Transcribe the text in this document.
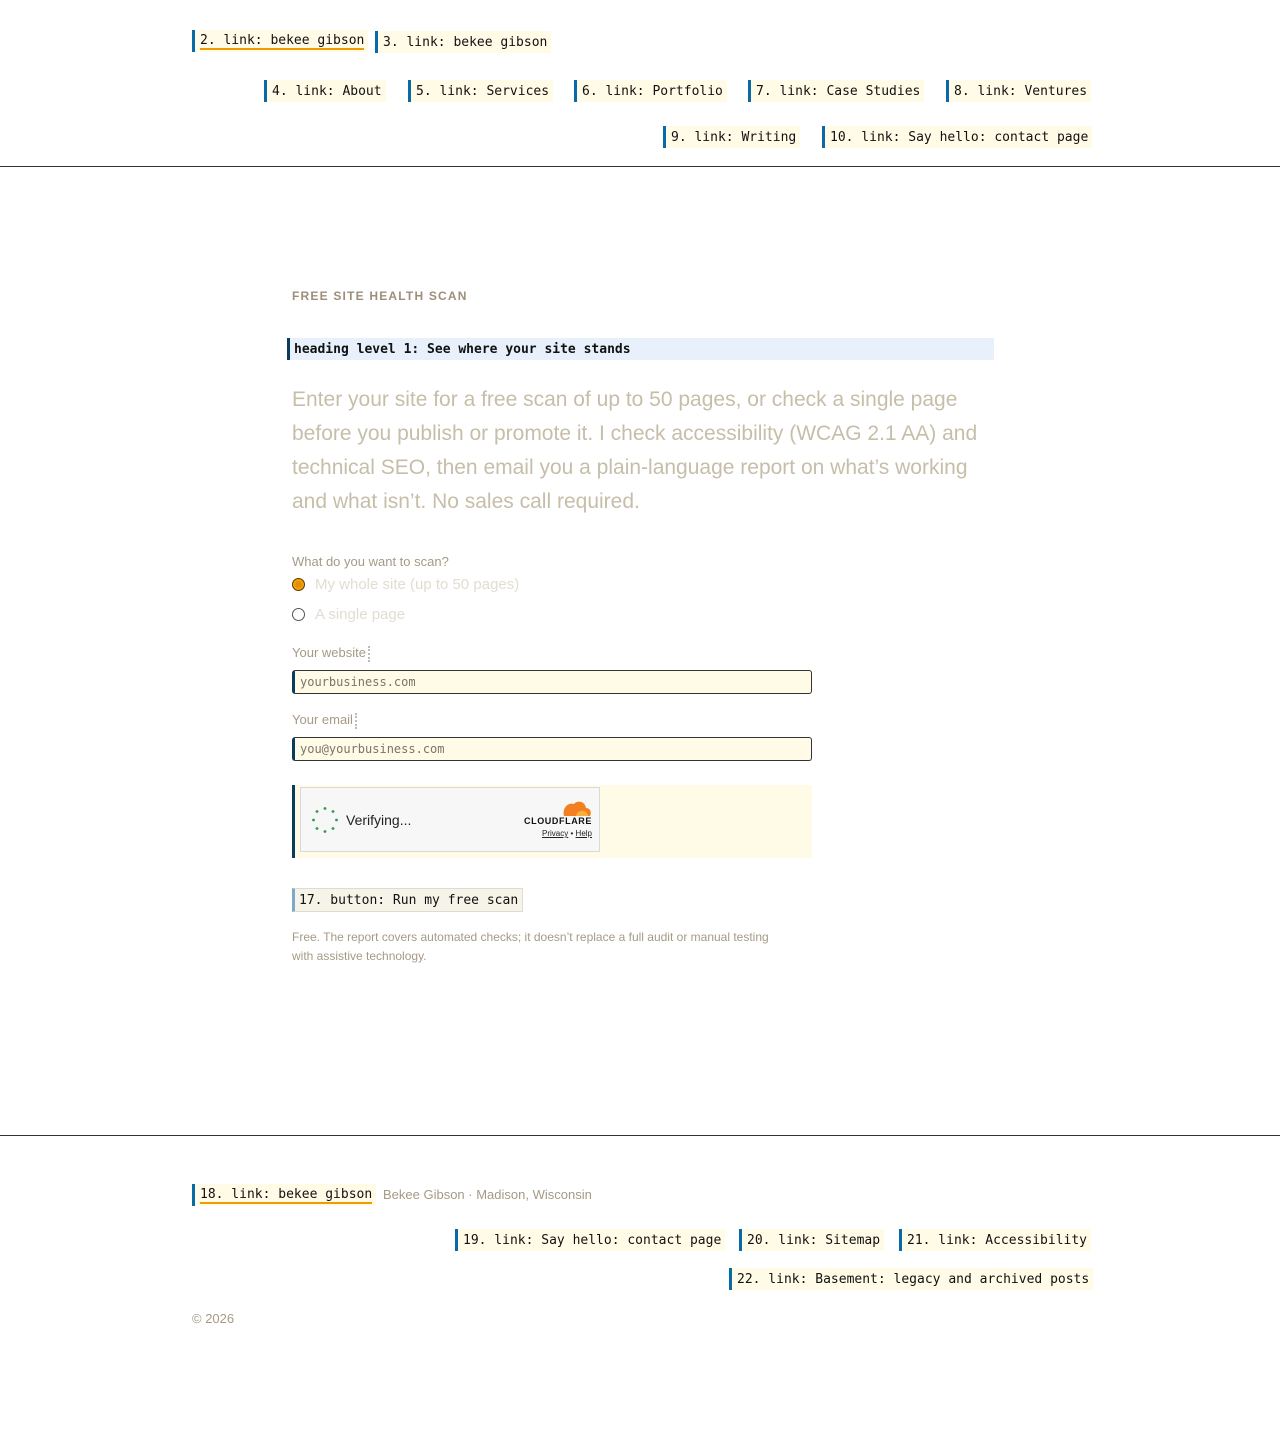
2. link: bekee gibson 3. link: bekee gibson
4. link: About	5. link: Services	6. link: Portfolio	7. link: Case Studies	8. link: Ventures
9. link: Writing	10. link: Say hello: contact page
FREE SITE HEALTH SCAN
heading level 1: See where your site stands

Enter your site for a free scan of up to 50 pages, or check a single page before you publish or promote it. I check accessibility (WCAG 2.1 AA) and technical SEO, then email you a plain-language report on what’s working and what isn’t. No sales call required.

What do you want to scan?
My whole site (up to 50 pages)
A single page
Your website
yourbusiness.com
Your email
you@yourbusiness.com
Verifying...	CLOUDFLARE
Privacy • Help
17. button: Run my free scan

Free. The report covers automated checks; it doesn’t replace a full audit or manual testing with assistive technology.

18. link: bekee gibson Bekee Gibson · Madison, Wisconsin
19. link: Say hello: contact page 20. link: Sitemap 21. link: Accessibility
22. link: Basement: legacy and archived posts
© 2026
